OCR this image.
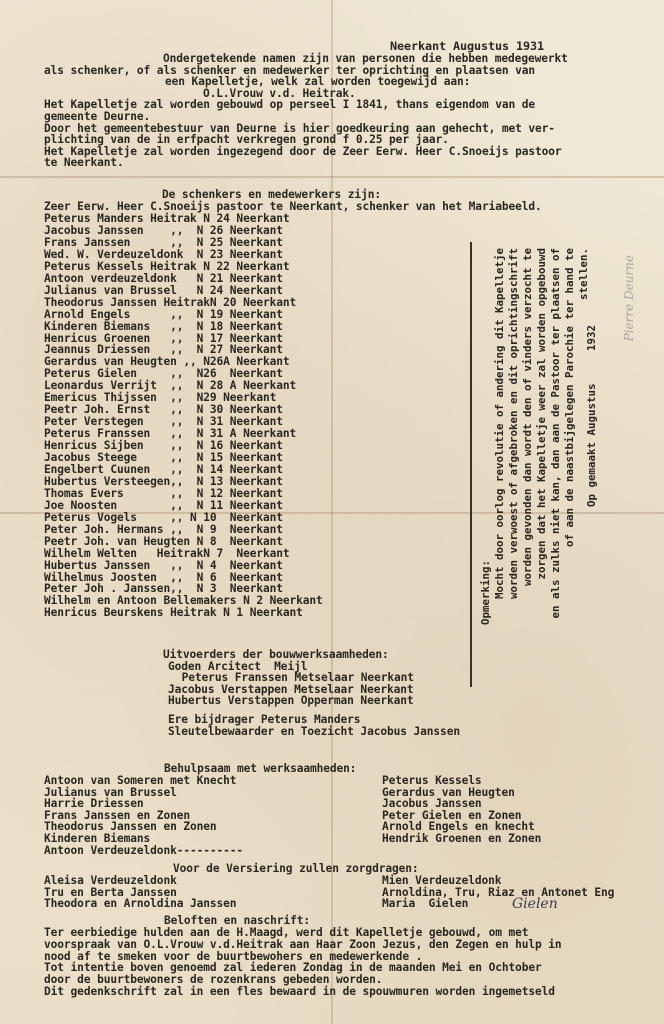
Neerkant Augustus 1931
Ondergetekende namen zijn van personen die hebben medegewerkt
als schenker, of als schenker en medewerker ter oprichting en plaatsen van
een Kapelletje, welk zal worden toegewijd aan:
O.L.Vrouw v.d. Heitrak.
Het Kapelletje zal worden gebouwd op perseel I 1841, thans eigendom van de
gemeente Deurne.
Door het gemeentebestuur van Deurne is hier goedkeuring aan gehecht, met ver-
plichting van de in erfpacht verkregen grond f 0.25 per jaar.
Het Kapelletje zal worden ingezegend door de Zeer Eerw. Heer C.Snoeijs pastoor
te Neerkant.
De schenkers en medewerkers zijn:
Zeer Eerw. Heer C.Snoeijs pastoor te Neerkant, schenker van het Mariabeeld.
Peterus Manders Heitrak N 24 Neerkant
Jacobus Janssen    ,,  N 26 Neerkant
Frans Janssen      ,,  N 25 Neerkant
Wed. W. Verdeuzeldonk  N 23 Neerkant
Peterus Kessels Heitrak N 22 Neerkant
Antoon verdeuzeldonk   N 21 Neerkant
Julianus van Brussel   N 24 Neerkant
Theodorus Janssen HeitrakN 20 Neerkant
Arnold Engels      ,,  N 19 Neerkant
Kinderen Biemans   ,,  N 18 Neerkant
Henricus Groenen   ,,  N 17 Neerkant
Jeannus Driessen   ,,  N 27 Neerkant
Gerardus van Heugten ,, N26A Neerkant
Peterus Gielen     ,,  N26  Neerkant
Leonardus Verrijt  ,,  N 28 A Neerkant
Emericus Thijssen  ,,  N29 Neerkant
Peetr Joh. Ernst   ,,  N 30 Neerkant
Peter Verstegen    ,,  N 31 Neerkant
Peterus Franssen   ,,  N 31 A Neerkant
Henricus Sijben    ,,  N 16 Neerkant
Jacobus Steege     ,,  N 15 Neerkant
Engelbert Cuunen   ,,  N 14 Neerkant
Hubertus Versteegen,,  N 13 Neerkant
Thomas Evers       ,,  N 12 Neerkant
Joe Noosten        ,,  N 11 Neerkant
Peterus Vogels     ,, N 10  Neerkant
Peter Joh. Hermans ,,  N 9  Neerkant
Peetr Joh. van Heugten N 8  Neerkant
Wilhelm Welten   HeitrakN 7  Neerkant
Hubertus Janssen   ,,  N 4  Neerkant
Wilhelmus Joosten  ,,  N 6  Neerkant
Peter Joh . Janssen,,  N 3  Neerkant
Wilhelm en Antoon Bellemakers N 2 Neerkant
Henricus Beurskens Heitrak N 1 Neerkant	Opmerking: Mocht door oorlog revolutie of andering dit Kapelletje worden verwoest of afgebroken en dit oprichtingschrift worden gevonden dan wordt den of vinders verzocht te zorgen dat het Kapelletje weer zal worden opgebouwd en als zulks niet kan, dan aan de Pastoor ter plaatsen of of aan de naastbijgelegen Parochie ter hand te stellen.
Op gemaakt Augustus     1932
Pierre Deurne
Uitvoerders der bouwwerksaamheden:
Goden Arcitect  Meijl
Peterus Franssen Metselaar Neerkant
Jacobus Verstappen Metselaar Neerkant
Hubertus Verstappen Opperman Neerkant
Ere bijdrager Peterus Manders
Sleutelbewaarder en Toezicht Jacobus Janssen
Behulpsaam met werksaamheden:
Antoon van Someren met Knecht
Julianus van Brussel
Harrie Driessen
Frans Janssen en Zonen
Theodorus Janssen en Zonen
Kinderen Biemans
Antoon Verdeuzeldonk----------
Peterus Kessels
Gerardus van Heugten
Jacobus Janssen
Peter Gielen en Zonen
Arnold Engels en knecht
Hendrik Groenen en Zonen
Voor de Versiering zullen zorgdragen:
Aleisa Verdeuzeldonk
Tru en Berta Janssen
Theodora en Arnoldina Janssen
Mien Verdeuzeldonk
Arnoldina, Tru, Riaz en Antonet Eng
Maria  Gielen	Gielen
Beloften en naschrift:
Ter eerbiedige hulden aan de H.Maagd, werd dit Kapelletje gebouwd, om met
voorspraak van O.L.Vrouw v.d.Heitrak aan Haar Zoon Jezus, den Zegen en hulp in
nood af te smeken voor de buurtbewohers en medewerkende .
Tot intentie boven genoemd zal iederen Zondag in de maanden Mei en Ochtober
door de buurtbewoners de rozenkrans gebeden worden.
Dit gedenkschrift zal in een fles bewaard in de spouwmuren worden ingemetseld
